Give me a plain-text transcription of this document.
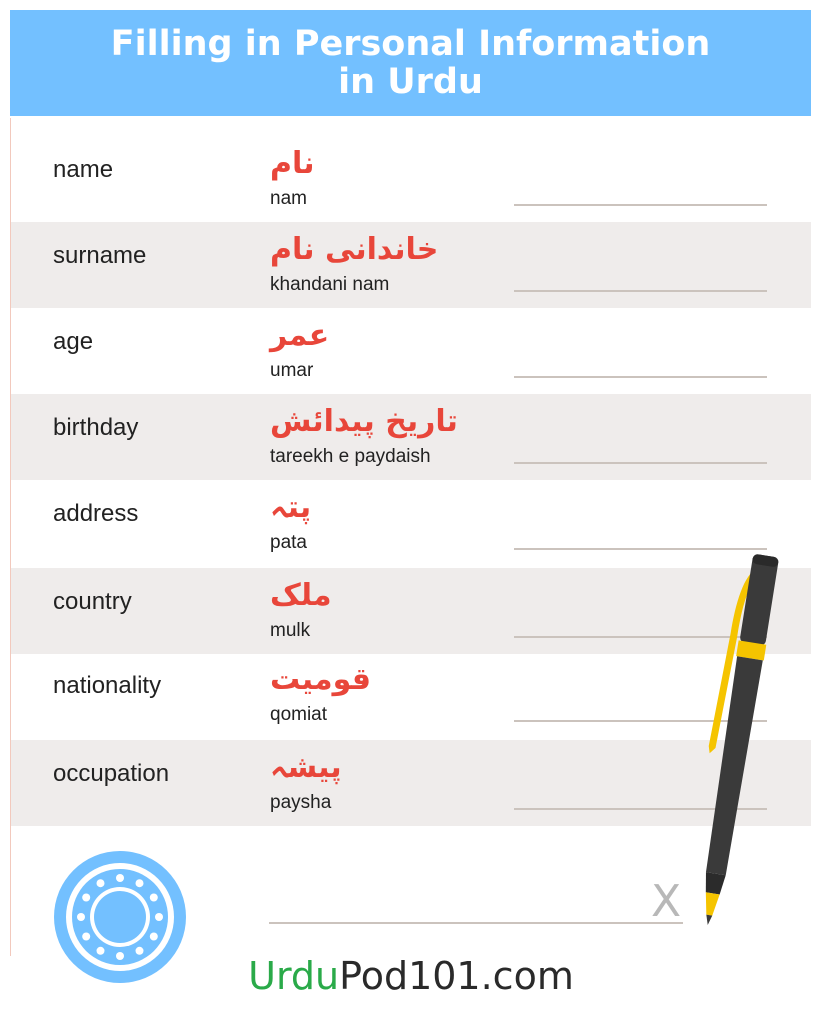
Filling in Personal Information
in Urdu
name	نام
nam
surname	خاندانی نام
khandani nam
age	عمر
umar
birthday	تاریخ پیدائش
tareekh e paydaish
address	پتہ
pata
country	ملک
mulk
nationality	قومیت
qomiat
occupation	پیشہ
paysha
X
UrduPod101.com
